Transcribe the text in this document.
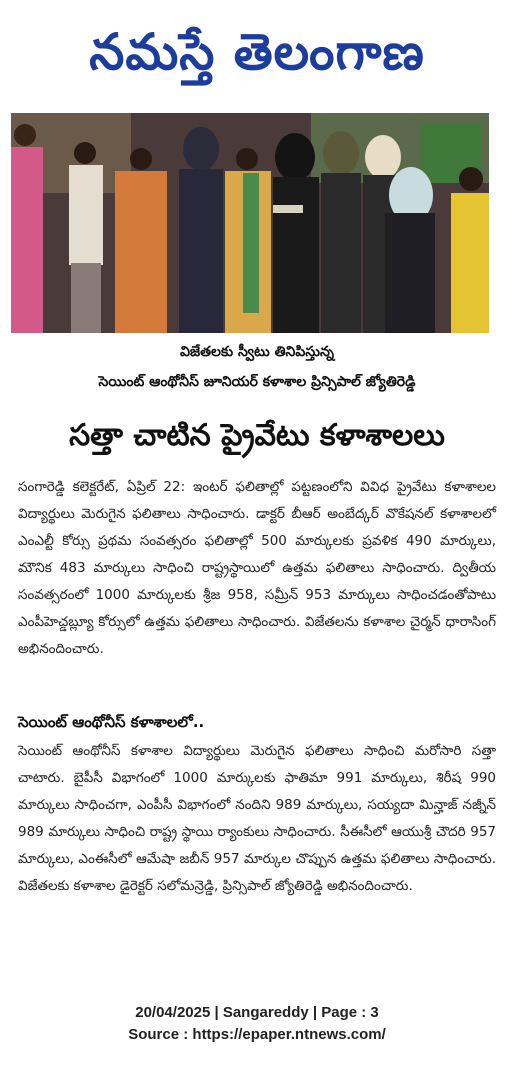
నమస్తే తెలంగాణ
విజేతలకు స్వీటు తినిపిస్తున్న
సెయింట్ ఆంథోనీస్ జూనియర్ కళాశాల ప్రిన్సిపాల్ జ్యోతిరెడ్డి
సత్తా చాటిన ప్రైవేటు కళాశాలలు

సంగారెడ్డి కలెక్టరేట్, ఏప్రిల్ 22: ఇంటర్ ఫలితాల్లో పట్టణంలోని వివిధ ప్రైవేటు కళాశాలల విద్యార్థులు మెరుగైన ఫలితాలు సాధించారు. డాక్టర్ బీఆర్ అంబేద్కర్ వొకేషనల్ కళాశాలలో ఎంఎల్టీ కోర్సు ప్రథమ సంవత్సరం ఫలితాల్లో 500 మార్కులకు ప్రవళిక 490 మార్కులు, మౌనిక 483 మార్కులు సాధించి రాష్ట్రస్థాయిలో ఉత్తమ ఫలితాలు సాధించారు. ద్వితీయ సంవత్సరంలో 1000 మార్కులకు శ్రీజ 958, సమ్రీన్ 953 మార్కులు సాధించడంతోపాటు ఎంపీహెచ్డబ్ల్యూ కోర్సులో ఉత్తమ ఫలితాలు సాధించారు. విజేతలను కళాశాల చైర్మన్ ధారాసింగ్ అభినందించారు.

సెయింట్ ఆంథోనీస్ కళాశాలలో..

సెయింట్ ఆంథోనీస్ కళాశాల విద్యార్థులు మెరుగైన ఫలితాలు సాధించి మరోసారి సత్తా చాటారు. బైపీసీ విభాగంలో 1000 మార్కులకు ఫాతిమా 991 మార్కులు, శిరీష 990 మార్కులు సాధించగా, ఎంపీసీ విభాగంలో నందిని 989 మార్కులు, సయ్యదా మిన్హాజ్ నజ్నీన్ 989 మార్కులు సాధించి రాష్ట్ర స్థాయి ర్యాంకులు సాధించారు. సీఈసీలో ఆయుశ్రీ చౌదరి 957 మార్కులు, ఎంఈసీలో ఆమేషా జబీన్ 957 మార్కుల చొప్పున ఉత్తమ ఫలితాలు సాధించారు. విజేతలకు కళాశాల డైరెక్టర్ సలోమన్రెడ్డి, ప్రిన్సిపాల్ జ్యోతిరెడ్డి అభినందించారు.

20/04/2025 | Sangareddy | Page : 3
Source : https://epaper.ntnews.com/
